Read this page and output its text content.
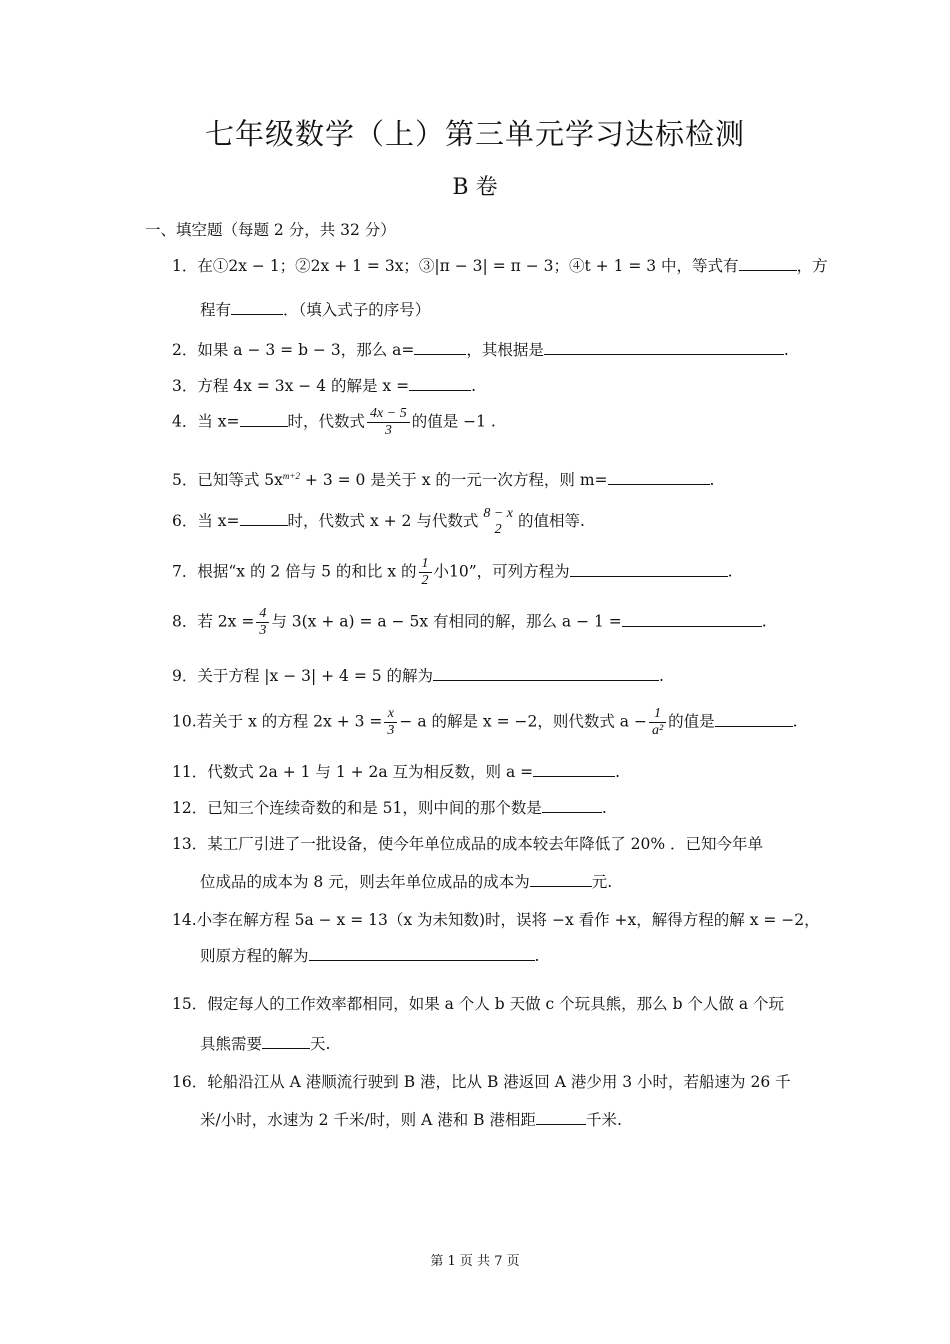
七年级数学（上）第三单元学习达标检测
B 卷
一、填空题（每题 2 分，共 32 分）
1．在①2x − 1；②2x + 1 = 3x；③|π − 3| = π − 3；④t + 1 = 3 中，等式有	，方
程有	．（填入式子的序号）
2．如果 a − 3 = b − 3，那么 a=	，其根据是	.
3．方程 4x = 3x − 4 的解是 x =	.
4．当 x=	时，代数式 $\frac{4x - 5}{3}$ 的值是 −1 .
5．已知等式 $5x^{m+2} + 3 = 0$ 是关于 x 的一元一次方程，则 m=	.
6．当 x=	时，代数式 x + 2 与代数式 8 − x
2	的值相等.
7．根据“x 的 2 倍与 5 的和比 x 的 $\frac{1}{2}$ 小10”，可列方程为	.
8．若 $2x = \frac{4}{3}$ 与 3(x + a) = a − 5x 有相同的解，那么 a − 1 =	.
9．关于方程 |x − 3| + 4 = 5 的解为	.
10.若关于 x 的方程 $2x + 3 = \frac{x}{3} - a$ 的解是 x = −2，则代数式 $a - \frac{1}{\text{a²}}$ 的值是	.
11．代数式 2a + 1 与 1 + 2a 互为相反数，则 a =	.
12．已知三个连续奇数的和是 51，则中间的那个数是	.
13．某工厂引进了一批设备，使今年单位成品的成本较去年降低了 20% ．已知今年单
位成品的成本为 8 元，则去年单位成品的成本为	元.
14.小李在解方程 5a − x = 13（x 为未知数)时，误将 −x 看作 +x，解得方程的解 x = −2，
则原方程的解为	.
15．假定每人的工作效率都相同，如果 a 个人 b 天做 c 个玩具熊，那么 b 个人做 a 个玩
具熊需要	天.
16．轮船沿江从 A 港顺流行驶到 B 港，比从 B 港返回 A 港少用 3 小时，若船速为 26 千
米/小时，水速为 2 千米/时，则 A 港和 B 港相距	千米.
第 1 页 共 7 页
